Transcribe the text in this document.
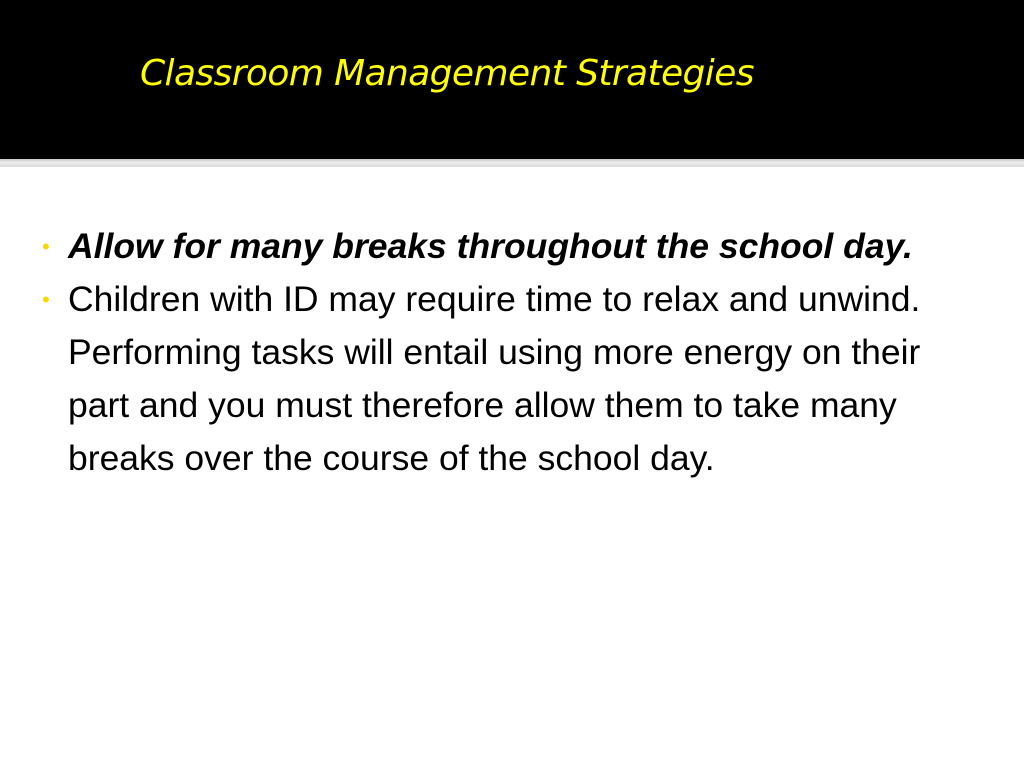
Classroom Management Strategies
• Allow for many breaks throughout the school day.
• Children with ID may require time to relax and unwind. Performing tasks will entail using more energy on their part and you must therefore allow them to take many breaks over the course of the school day.
